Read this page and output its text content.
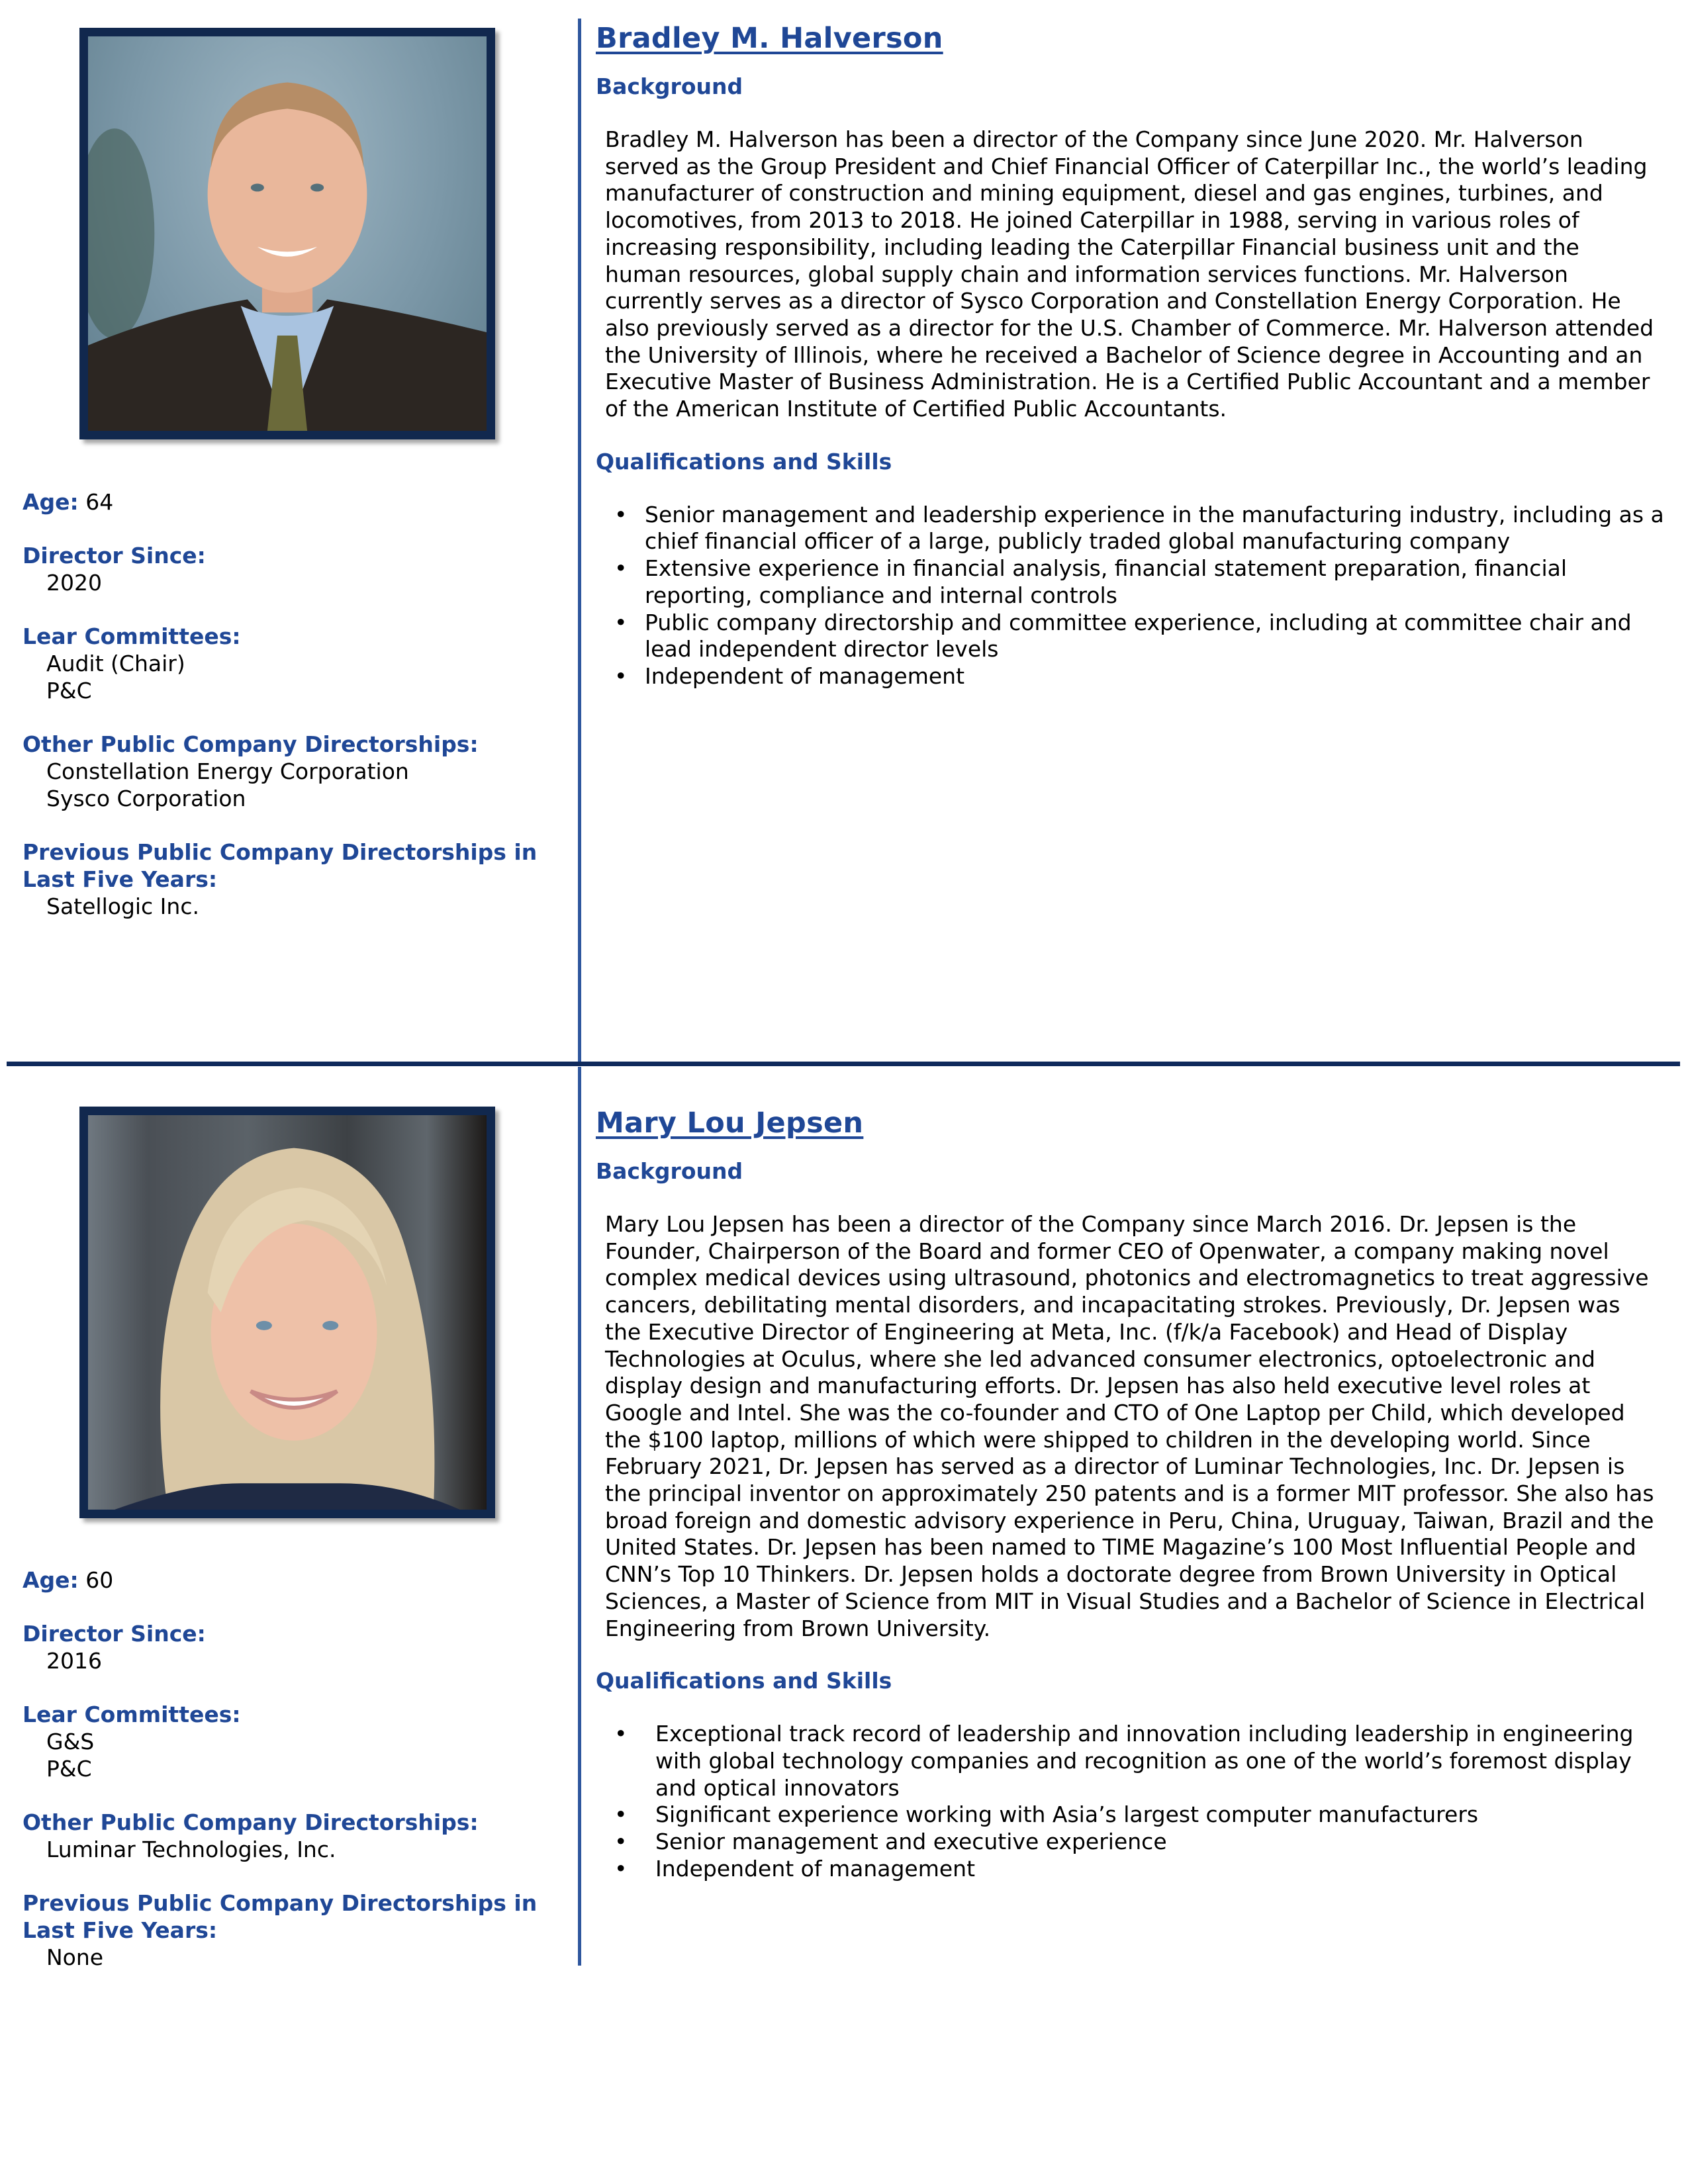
Age: 64
Director Since:
2020
Lear Committees:
Audit (Chair)
P&C
Other Public Company Directorships:
Constellation Energy Corporation
Sysco Corporation
Previous Public Company Directorships in
Last Five Years:
Satellogic Inc.
Bradley M. Halverson
Background

Bradley M. Halverson has been a director of the Company since June 2020. Mr. Halverson served as the Group President and Chief Financial Officer of Caterpillar Inc., the world’s leading manufacturer of construction and mining equipment, diesel and gas engines, turbines, and locomotives, from 2013 to 2018. He joined Caterpillar in 1988, serving in various roles of increasing responsibility, including leading the Caterpillar Financial business unit and the human resources, global supply chain and information services functions. Mr. Halverson currently serves as a director of Sysco Corporation and Constellation Energy Corporation. He also previously served as a director for the U.S. Chamber of Commerce. Mr. Halverson attended the University of Illinois, where he received a Bachelor of Science degree in Accounting and an Executive Master of Business Administration. He is a Certified Public Accountant and a member of the American Institute of Certified Public Accountants.

Qualifications and Skills
• Senior management and leadership experience in the manufacturing industry, including as a chief financial officer of a large, publicly traded global manufacturing company
• Extensive experience in financial analysis, financial statement preparation, financial reporting, compliance and internal controls
• Public company directorship and committee experience, including at committee chair and lead independent director levels
• Independent of management
Age: 60
Director Since:
2016
Lear Committees:
G&S
P&C
Other Public Company Directorships:
Luminar Technologies, Inc.
Previous Public Company Directorships in
Last Five Years:
None
Mary Lou Jepsen
Background

Mary Lou Jepsen has been a director of the Company since March 2016. Dr. Jepsen is the Founder, Chairperson of the Board and former CEO of Openwater, a company making novel complex medical devices using ultrasound, photonics and electromagnetics to treat aggressive cancers, debilitating mental disorders, and incapacitating strokes. Previously, Dr. Jepsen was the Executive Director of Engineering at Meta, Inc. (f/k/a Facebook) and Head of Display Technologies at Oculus, where she led advanced consumer electronics, optoelectronic and display design and manufacturing efforts. Dr. Jepsen has also held executive level roles at Google and Intel. She was the co-founder and CTO of One Laptop per Child, which developed the $100 laptop, millions of which were shipped to children in the developing world. Since February 2021, Dr. Jepsen has served as a director of Luminar Technologies, Inc. Dr. Jepsen is the principal inventor on approximately 250 patents and is a former MIT professor. She also has broad foreign and domestic advisory experience in Peru, China, Uruguay, Taiwan, Brazil and the United States. Dr. Jepsen has been named to TIME Magazine’s 100 Most Influential People and CNN’s Top 10 Thinkers. Dr. Jepsen holds a doctorate degree from Brown University in Optical Sciences, a Master of Science from MIT in Visual Studies and a Bachelor of Science in Electrical Engineering from Brown University.

Qualifications and Skills
• Exceptional track record of leadership and innovation including leadership in engineering with global technology companies and recognition as one of the world’s foremost display and optical innovators
• Significant experience working with Asia’s largest computer manufacturers
• Senior management and executive experience
• Independent of management
